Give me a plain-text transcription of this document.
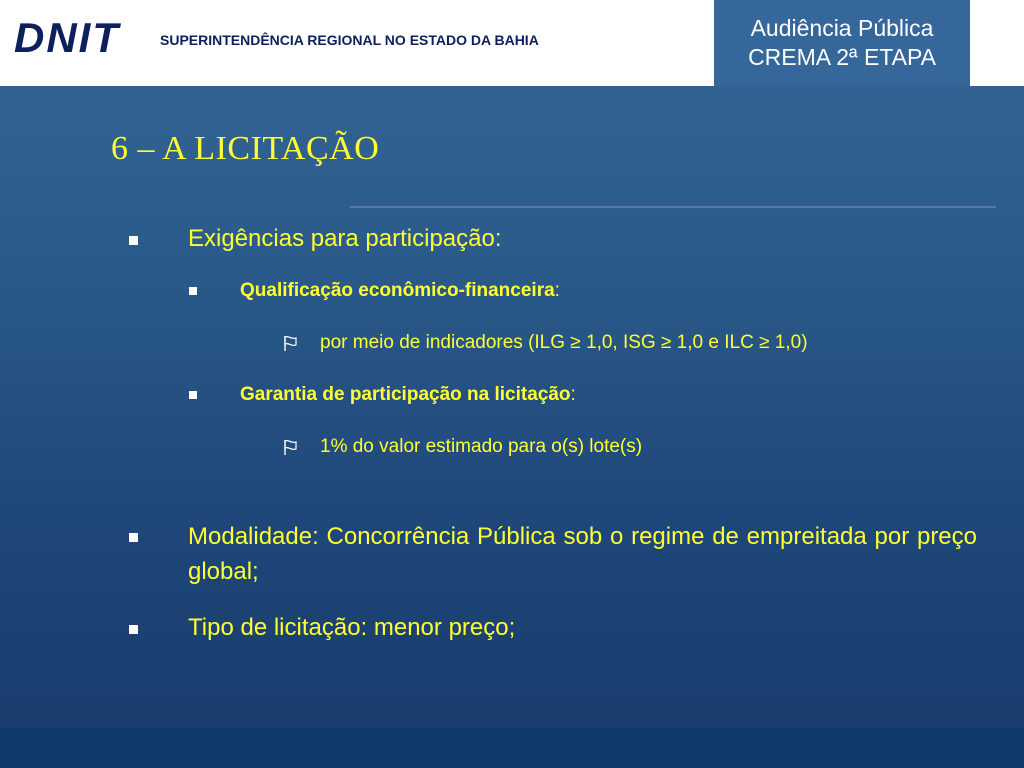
DNIT	SUPERINTENDÊNCIA REGIONAL NO ESTADO DA BAHIA	Audiência Pública
CREMA 2ª ETAPA
6 – A LICITAÇÃO
Exigências para participação:
Qualificação econômico-financeira:
por meio de indicadores (ILG ≥ 1,0, ISG ≥ 1,0 e ILC ≥ 1,0)
Garantia de participação na licitação:
1% do valor estimado para o(s) lote(s)
Modalidade: Concorrência Pública sob o regime de empreitada por preço global;
Tipo de licitação: menor preço;
